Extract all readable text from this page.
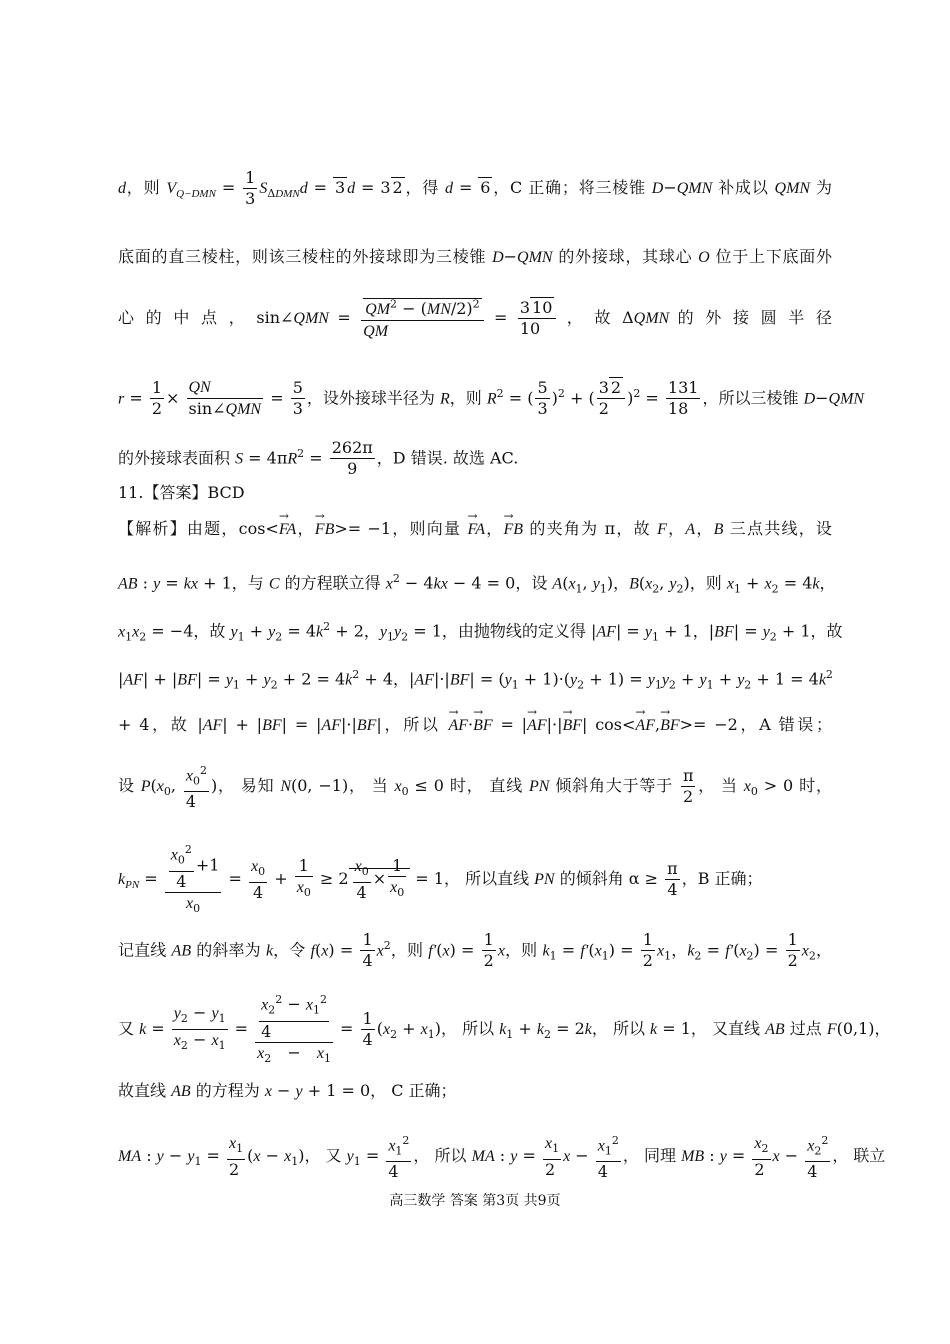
d，则 $V_{Q-DMN} = \frac{1}{3} S_{\Delta DMN}d = 3$ d = 3 2 ，得 d = 6 ，C 正确；将三棱锥 D−QMN 补成以 QMN 为
底面的直三棱柱，则该三棱柱的外接球即为三棱锥 D−QMN 的外接球，其球心 O 位于上下底面外
心 的 中 点 ， sin∠QMN = $\frac{QM^2 - (MN/2)^2}{QM} = \frac{3 10}{10}$ ， 故 ΔQMN 的 外 接 圆 半 径
$r = \frac{1}{2} \times \frac{QN}{\text{sin∠QMN}} = \frac{5}{3}$ ，设外接球半径为 R，则 $R^2$ = ( $\frac{5}{3} )^2$ + ( $\frac{3 2}{2} )^2 = \frac{131}{18}$ ，所以三棱锥 D−QMN
的外接球表面积 $S = 4\pi R^2 = \frac{262\pi}{9}$ ，D 错误. 故选 AC.
11.【答案】BCD
【解析】由题，cos<→ FA，→ FB>= −1，则向量 → FA，→ FB 的夹角为 π，故 F，A，B 三点共线，设
AB : y = kx + 1，与 C 的方程联立得 $x^2 - 4kx - 4 = 0$，设 $A(x_1$, $y_1$)，$B(x_2$, $y_2$)，则 $x_1 + x_2 = 4k$，
$x_1x_2 = -4$，故 $y_1 + y_2 = 4k^2 + 2$，$y_1y_2 = 1$，由抛物线的定义得 $|AF| = y_1 + 1$，$|BF| = y_2 + 1$，故
$|AF| + |BF| = y_1 + y_2 + 2 = 4k^2 + 4$，$|AF|\cdot|BF| = (y_1 + 1)\cdot(y_2 + 1) = y_1y_2 + y_1 + y_2 + 1 = 4k^2$
+ 4，故 |AF| + |BF| = |AF|·|BF|，所以 → AF·→ BF = |→ AF|·|→ BF| cos<→ AF,→ BF>= −2，A 错误；
设 $P(x_0$, $\frac{x_0^2}{4}$ )， 易知 N(0, −1)， 当 $x_0 \le 0$ 时， 直线 PN 倾斜角大于等于 $\frac{\pi}{2}$ ， 当 $x_0 > 0$ 时，
$k_{PN} = \frac{\frac{x_0^2}{4} +1}{x_0} = \frac{x_0}{4} + \frac{1}{x_0} \ge 2 \frac{x_0}{4} \times \frac{1}{x_0} = 1$， 所以直线 PN 的倾斜角 $\alpha \ge \frac{\pi}{4}$ ，B 正确；
记直线 AB 的斜率为 k，令 $f(x) = \frac{1}{4} x^2$，则 $f'(x) = \frac{1}{2}$ x，则 $k_1 = f'(x_1) = \frac{1}{2} x_1$，$k_2 = f'(x_2) = \frac{1}{2} x_2$，
又 $k = \frac{y_2 - y_1}{x_2 - x_1} = \frac{\frac{x_2^2 - x_1^2}{4}}{x_2 - x_1} = \frac{1}{4} (x_2 + x_1)$， 所以 $k_1 + k_2 = 2k$， 所以 k = 1， 又直线 AB 过点 F(0,1)，
故直线 AB 的方程为 x − y + 1 = 0， C 正确；
MA : $y - y_1 = \frac{x_1}{2} (x - x_1)$， 又 $y_1 = \frac{x_1^2}{4}$ ， 所以 MA : $y = \frac{x_1}{2}$ $x - \frac{x_1^2}{4}$ ， 同理 MB : $y = \frac{x_2}{2}$ $x - \frac{x_2^2}{4}$ ， 联立
高三数学 答案 第3页 共9页
